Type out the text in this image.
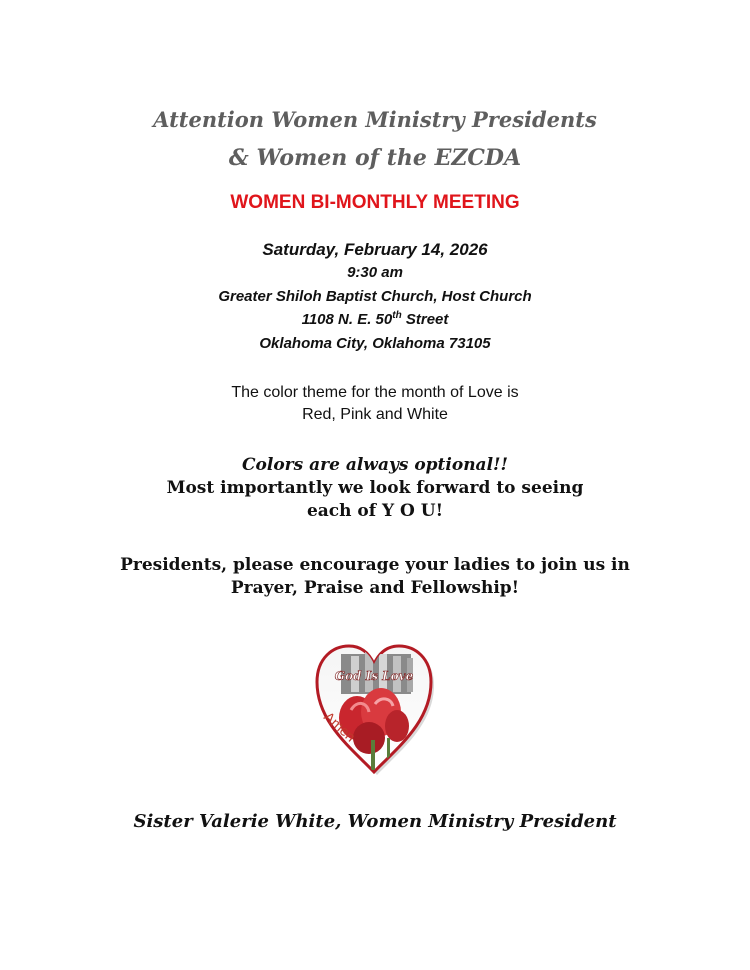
Attention Women Ministry Presidents
& Women of the EZCDA
WOMEN BI-MONTHLY MEETING
Saturday, February 14, 2026
9:30 am
Greater Shiloh Baptist Church, Host Church
1108 N. E. 50th Street
Oklahoma City, Oklahoma 73105
The color theme for the month of Love is
Red, Pink and White
Colors are always optional!!
Most importantly we look forward to seeing
each of Y O U!
Presidents, please encourage your ladies to join us in
Prayer, Praise and Fellowship!
God Is Love
Amen
Sister Valerie White, Women Ministry President
